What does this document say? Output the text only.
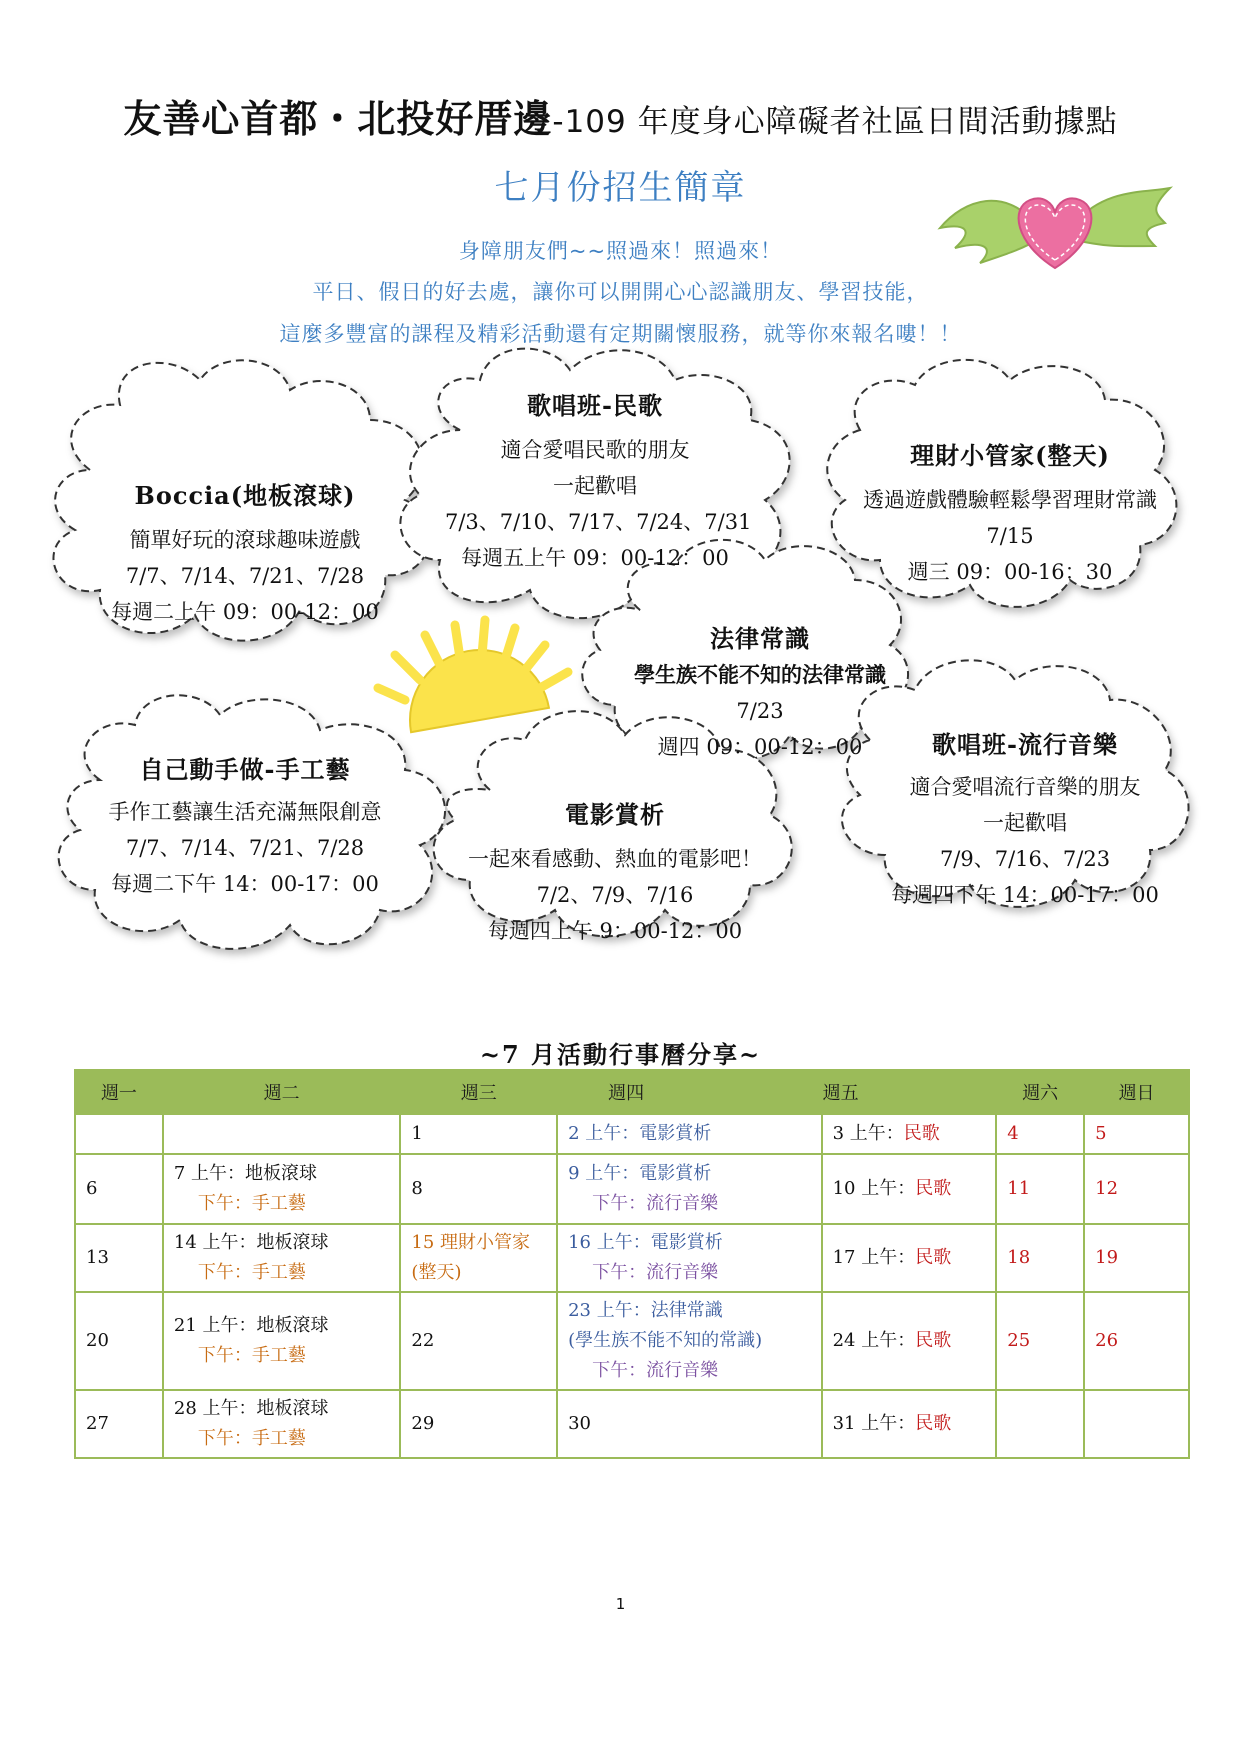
友善心首都・北投好厝邊-109 年度身心障礙者社區日間活動據點
七月份招生簡章
身障朋友們~~照過來！照過來！
平日、假日的好去處，讓你可以開開心心認識朋友、學習技能，
這麼多豐富的課程及精彩活動還有定期關懷服務，就等你來報名嘍！！
Boccia(地板滾球)
簡單好玩的滾球趣味遊戲
7/7、7/14、7/21、7/28
每週二上午 09：00-12：00
歌唱班-民歌
適合愛唱民歌的朋友
一起歡唱
7/3、7/10、7/17、7/24、7/31
每週五上午 09：00-12：00
理財小管家(整天)
透過遊戲體驗輕鬆學習理財常識
7/15
週三 09：00-16：30
法律常識
學生族不能不知的法律常識
7/23
週四 09：00-12：00
自己動手做-手工藝
手作工藝讓生活充滿無限創意
7/7、7/14、7/21、7/28
每週二下午 14：00-17：00
電影賞析
一起來看感動、熱血的電影吧！
7/2、7/9、7/16
每週四上午 9：00-12：00
歌唱班-流行音樂
適合愛唱流行音樂的朋友
一起歡唱
7/9、7/16、7/23
每週四下午 14：00-17：00
~7 月活動行事曆分享~
週一	週二	週三	週四	週五	週六	週日

		1	2 上午：電影賞析	3 上午：民歌	4	5
6	7 上午：地板滾球
下午：手工藝	8	9 上午：電影賞析
下午：流行音樂	10 上午：民歌	11	12
13	14 上午：地板滾球
下午：手工藝	15 理財小管家
(整天)	16 上午：電影賞析
下午：流行音樂	17 上午：民歌	18	19
20	21 上午：地板滾球
下午：手工藝	22	23 上午：法律常識
(學生族不能不知的常識)
下午：流行音樂	24 上午：民歌	25	26
27	28 上午：地板滾球
下午：手工藝	29	30	31 上午：民歌		
1
